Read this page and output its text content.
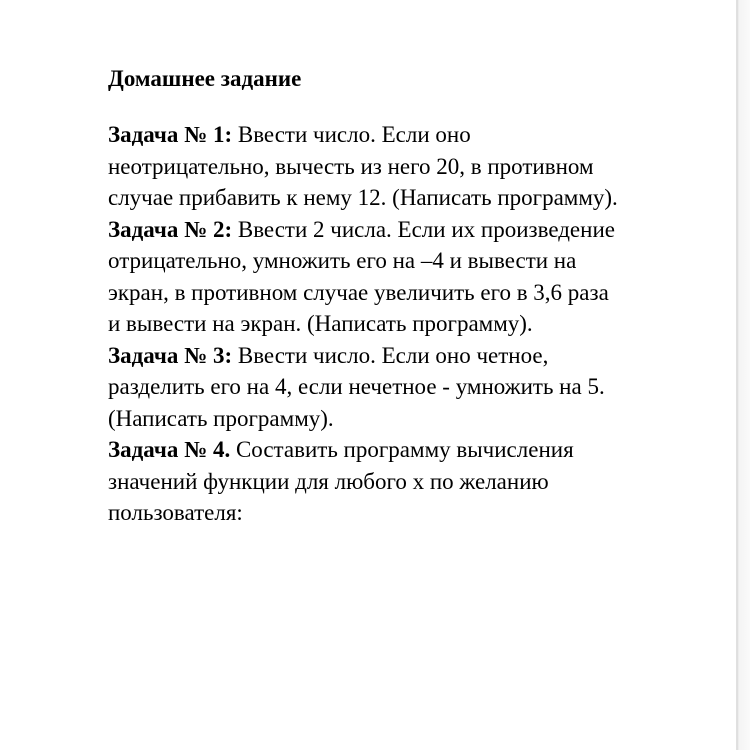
Домашнее задание
Задача № 1: Ввести число. Если оно
неотрицательно, вычесть из него 20, в противном
случае прибавить к нему 12. (Написать программу).
Задача № 2: Ввести 2 числа. Если их произведение
отрицательно, умножить его на –4 и вывести на
экран, в противном случае увеличить его в 3,6 раза
и вывести на экран. (Написать программу).
Задача № 3: Ввести число. Если оно четное,
разделить его на 4, если нечетное - умножить на 5.
(Написать программу).
Задача № 4. Составить программу вычисления
значений функции для любого х по желанию
пользователя:
